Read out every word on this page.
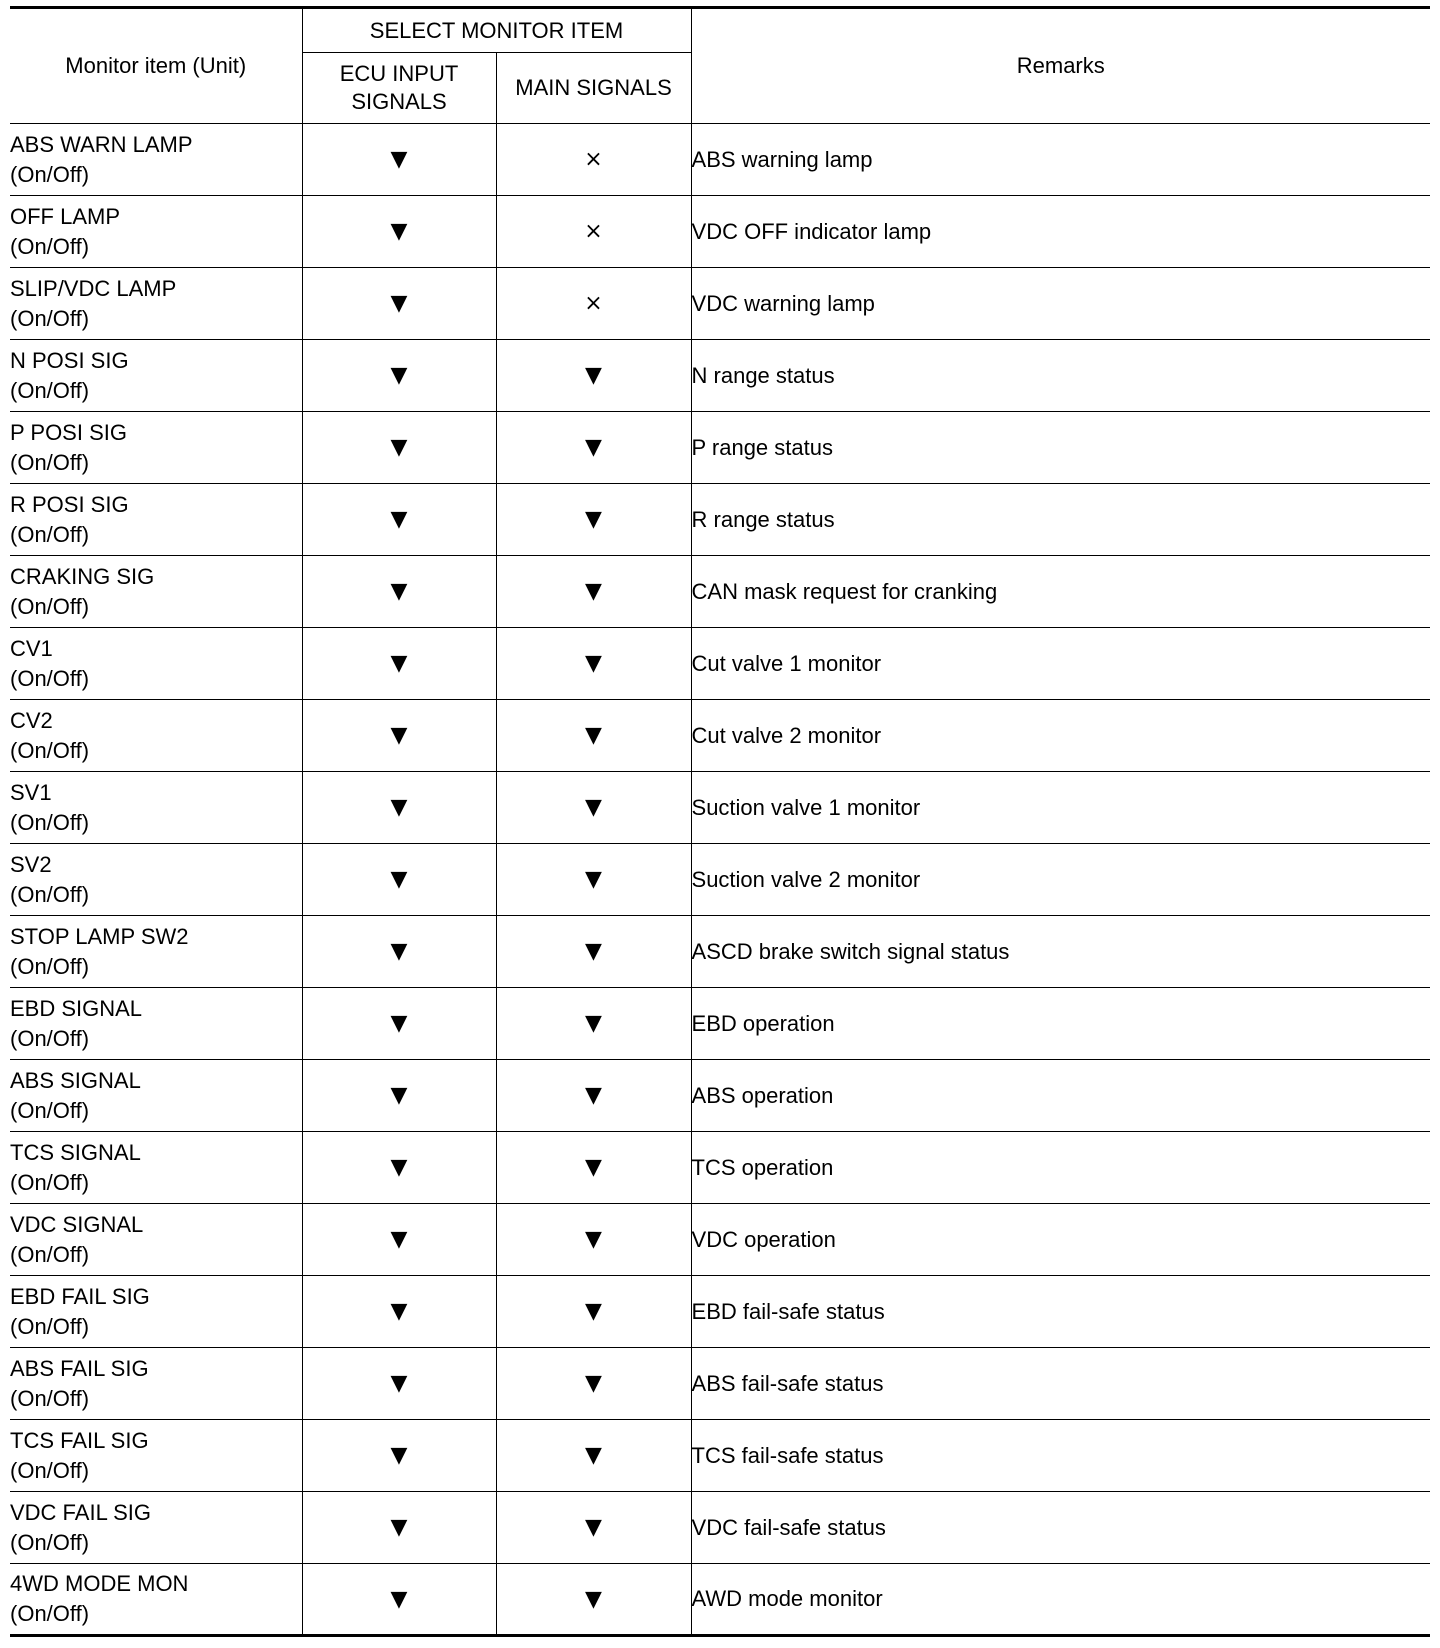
Monitor item (Unit)	SELECT MONITOR ITEM		Remarks
	ECU INPUT SIGNALS	MAIN SIGNALS	

ABS WARN LAMP
(On/Off)	▼	×	ABS warning lamp

OFF LAMP
(On/Off)	▼	×	VDC OFF indicator lamp

SLIP/VDC LAMP
(On/Off)	▼	×	VDC warning lamp

N POSI SIG
(On/Off)	▼	▼	N range status

P POSI SIG
(On/Off)	▼	▼	P range status

R POSI SIG
(On/Off)	▼	▼	R range status

CRAKING SIG
(On/Off)	▼	▼	CAN mask request for cranking

CV1
(On/Off)	▼	▼	Cut valve 1 monitor

CV2
(On/Off)	▼	▼	Cut valve 2 monitor

SV1
(On/Off)	▼	▼	Suction valve 1 monitor

SV2
(On/Off)	▼	▼	Suction valve 2 monitor

STOP LAMP SW2
(On/Off)	▼	▼	ASCD brake switch signal status

EBD SIGNAL
(On/Off)	▼	▼	EBD operation

ABS SIGNAL
(On/Off)	▼	▼	ABS operation

TCS SIGNAL
(On/Off)	▼	▼	TCS operation

VDC SIGNAL
(On/Off)	▼	▼	VDC operation

EBD FAIL SIG
(On/Off)	▼	▼	EBD fail-safe status

ABS FAIL SIG
(On/Off)	▼	▼	ABS fail-safe status

TCS FAIL SIG
(On/Off)	▼	▼	TCS fail-safe status

VDC FAIL SIG
(On/Off)	▼	▼	VDC fail-safe status

4WD MODE MON
(On/Off)	▼	▼	AWD mode monitor
